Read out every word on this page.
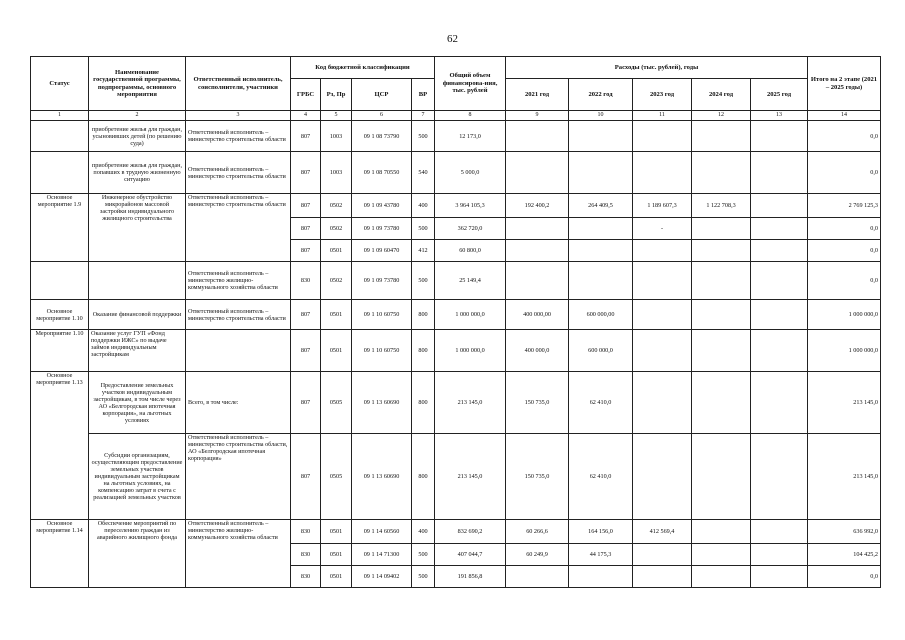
62
Статус	Наименование государственной программы, подпрограммы, основного мероприятия	Ответственный исполнитель, соисполнители, участники	Код бюджетной классификации				Общий объем финансирова-ния, тыс. рублей	Расходы (тыс. рублей), годы					Итого на 2 этапе (2021 – 2025 годы)
			ГРБС	Рз, Пр	ЦСР	ВР		2021 год	2022 год	2023 год	2024 год	2025 год	
1	2	3	4	5	6	7	8	9	10	11	12	13	14
	приобретение жилья для граждан, усыновивших детей (по решению суда)	Ответственный исполнитель – министерство строительства области	807	1003	09 1 08 73790	500	12 173,0						0,0
	приобретение жилья для граждан, попавших в трудную жизненную ситуацию	Ответственный исполнитель – министерство строительства области	807	1003	09 1 08 70550	540	5 000,0						0,0
Основное мероприятие 1.9	Инженерное обустройство микрорайонов массовой застройки индивидуального жилищного строительства	Ответственный исполнитель – министерство строительства области	807	0502	09 1 09 43780	400	3 964 105,3	192 400,2	264 409,5	1 189 607,3	1 122 708,3		2 769 125,3
			807	0502	09 1 09 73780	500	362 720,0			-			0,0
			807	0501	09 1 09 60470	412	60 800,0						0,0
		Ответственный исполнитель – министерство жилищно-коммунального хозяйства области	830	0502	09 1 09 73780	500	25 149,4						0,0
Основное мероприятие 1.10	Оказание финансовой поддержки	Ответственный исполнитель – министерство строительства области	807	0501	09 1 10 60750	800	1 000 000,0	400 000,00	600 000,00				1 000 000,0
Мероприятие 1.10	Оказание услуг ГУП «Фонд поддержки ИЖС» по выдаче займов индивидуальным застройщикам		807	0501	09 1 10 60750	800	1 000 000,0	400 000,0	600 000,0				1 000 000,0
Основное мероприятие 1.13	Предоставление земельных участков индивидуальным застройщикам, в том числе через АО «Белгородская ипотечная корпорация», на льготных условиях	Всего, в том числе:	807	0505	09 1 13 60690	800	213 145,0	150 735,0	62 410,0				213 145,0
	Субсидии организациям, осуществляющим предоставление земельных участков индивидуальным застройщикам на льготных условиях, на компенсацию затрат в счета с реализацией земельных участков	Ответственный исполнитель – министерство строительства области, АО «Белгородская ипотечная корпорация»	807	0505	09 1 13 60690	800	213 145,0	150 735,0	62 410,0				213 145,0
Основное мероприятие 1.14	Обеспечение мероприятий по переселению граждан из аварийного жилищного фонда	Ответственный исполнитель – министерство жилищно-коммунального хозяйства области	830	0501	09 1 14 60560	400	832 690,2	60 266,6	164 156,0	412 569,4			636 992,0
			830	0501	09 1 14 71300	500	407 044,7	60 249,9	44 175,3				104 425,2
			830	0501	09 1 14 09402	500	191 856,8						0,0
